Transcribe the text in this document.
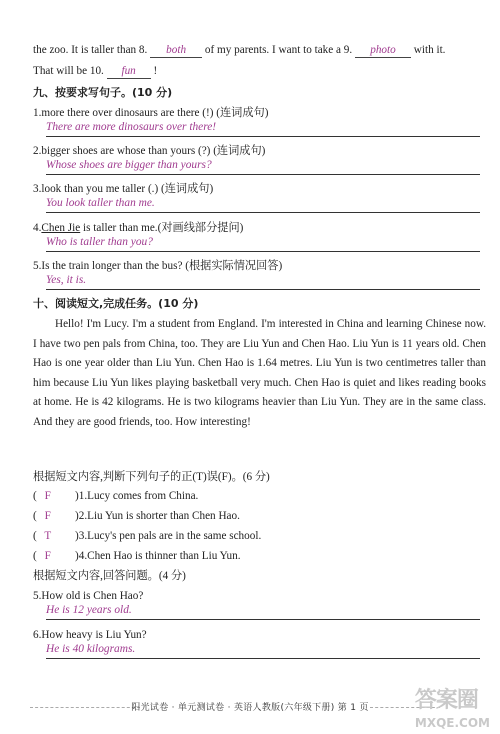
the zoo. It is taller than 8. both of my parents. I want to take a 9. photo with it.
That will be 10. fun !
九、按要求写句子。(10 分)
1.more there over dinosaurs are there (!) (连词成句)
There are more dinosaurs over there!
2.bigger shoes are whose than yours (?) (连词成句)
Whose shoes are bigger than yours?
3.look than you me taller (.) (连词成句)
You look taller than me.
4.Chen Jie is taller than me.(对画线部分提问)
Who is taller than you?
5.Is the train longer than the bus? (根据实际情况回答)
Yes, it is.
十、阅读短文,完成任务。(10 分)
Hello! I'm Lucy. I'm a student from England. I'm interested in China and learning Chinese now. I have two pen pals from China, too. They are Liu Yun and Chen Hao. Liu Yun is 11 years old. Chen Hao is one year older than Liu Yun. Chen Hao is 1.64 metres. Liu Yun is two centimetres taller than him because Liu Yun likes playing basketball very much. Chen Hao is quiet and likes reading books at home. He is 42 kilograms. He is two kilograms heavier than Liu Yun. They are in the same class. And they are good friends, too. How interesting!
根据短文内容,判断下列句子的正(T)误(F)。(6 分)
( F )1.Lucy comes from China.
( F )2.Liu Yun is shorter than Chen Hao.
( T )3.Lucy's pen pals are in the same school.
( F )4.Chen Hao is thinner than Liu Yun.
根据短文内容,回答问题。(4 分)
5.How old is Chen Hao?
He is 12 years old.
6.How heavy is Liu Yun?
He is 40 kilograms.
阳光试卷 · 单元测试卷 · 英语人教版(六年级下册) 第 1 页	答案圈
MXQE.COM
